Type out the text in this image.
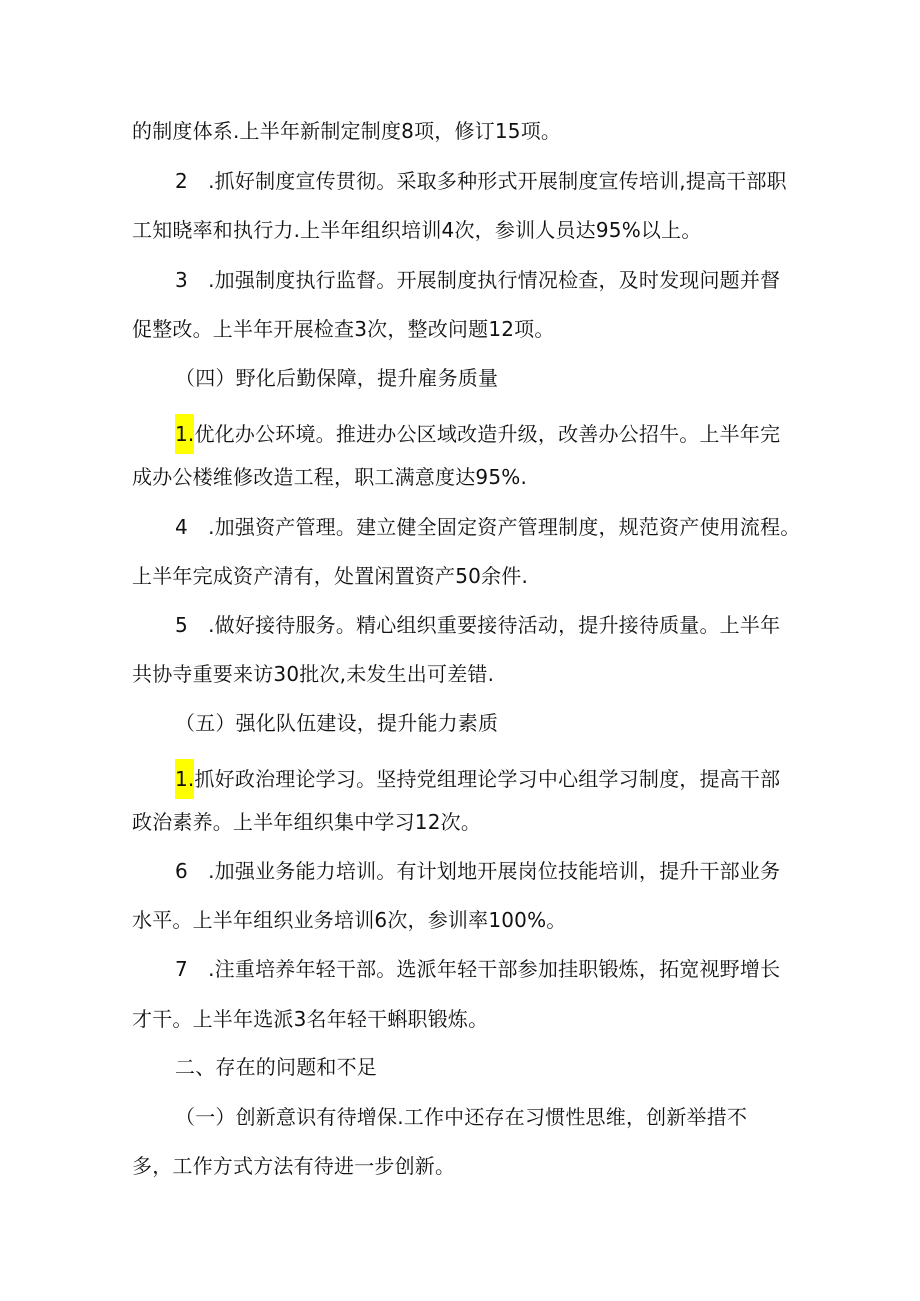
的制度体系.上半年新制定制度8项，修订15项。
2　.抓好制度宣传贯彻。采取多种形式开展制度宣传培训,提高干部职
工知晓率和执行力.上半年组织培训4次，参训人员达95%以上。
3　.加强制度执行监督。开展制度执行情况检查，及时发现问题并督
促整改。上半年开展检查3次，整改问题12项。
（四）野化后勤保障，提升雇务质量
1.优化办公环境。推进办公区域改造升级，改善办公招牛。上半年完
成办公楼维修改造工程，职工满意度达95%.
4　.加强资产管理。建立健全固定资产管理制度，规范资产使用流程。
上半年完成资产清有，处置闲置资产50余件.
5　.做好接待服务。精心组织重要接待活动，提升接待质量。上半年
共协寺重要来访30批次,未发生出可差错.
（五）强化队伍建设，提升能力素质
1.抓好政治理论学习。坚持党组理论学习中心组学习制度，提高干部
政治素养。上半年组织集中学习12次。
6　.加强业务能力培训。有计划地开展岗位技能培训，提升干部业务
水平。上半年组织业务培训6次，参训率100%。
7　.注重培养年轻干部。选派年轻干部参加挂职锻炼，拓宽视野增长
才干。上半年选派3名年轻干蝌职锻炼。
二、存在的问题和不足
（一）创新意识有待增保.工作中还存在习惯性思维，创新举措不
多，工作方式方法有待进一步创新。
